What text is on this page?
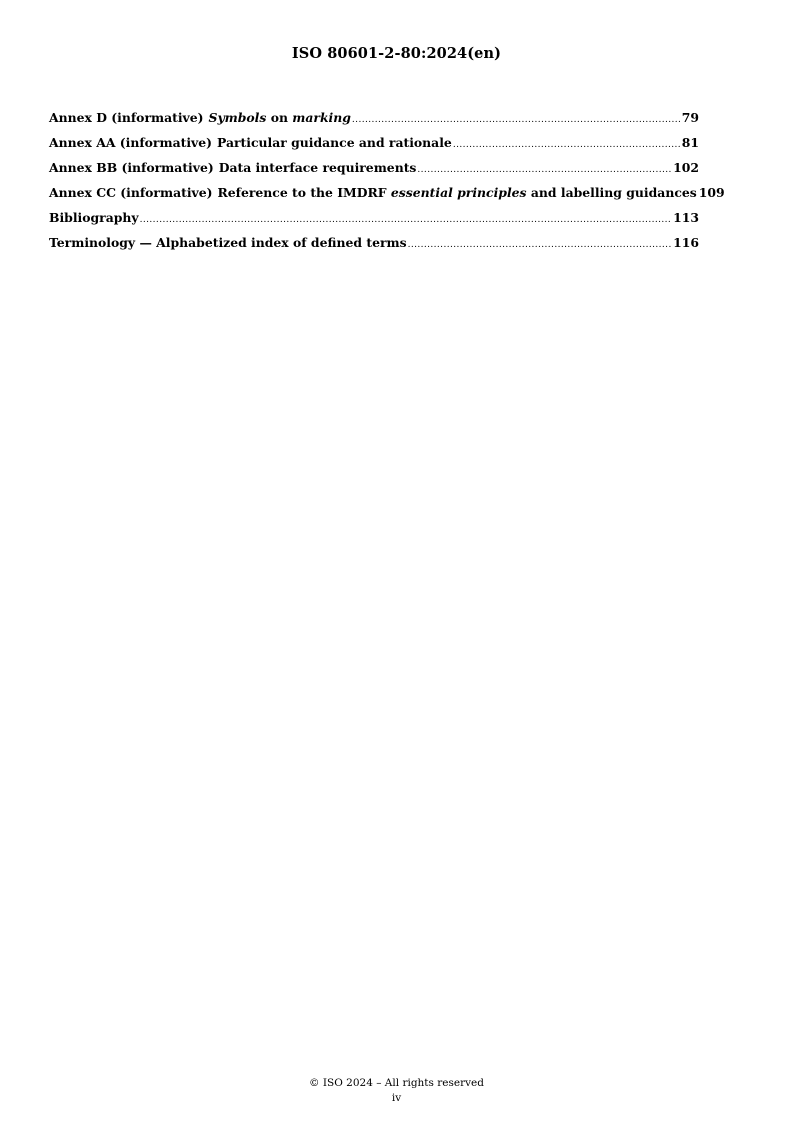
ISO 80601-2-80:2024(en)
Annex D (informative) Symbols on marking .....	79
Annex AA (informative) Particular guidance and rationale .....	81
Annex BB (informative) Data interface requirements .....	102
Annex CC (informative) Reference to the IMDRF essential principles and labelling guidances 109
Bibliography .....	113
Terminology — Alphabetized index of defined terms .....	116
© ISO 2024 – All rights reserved
iv
